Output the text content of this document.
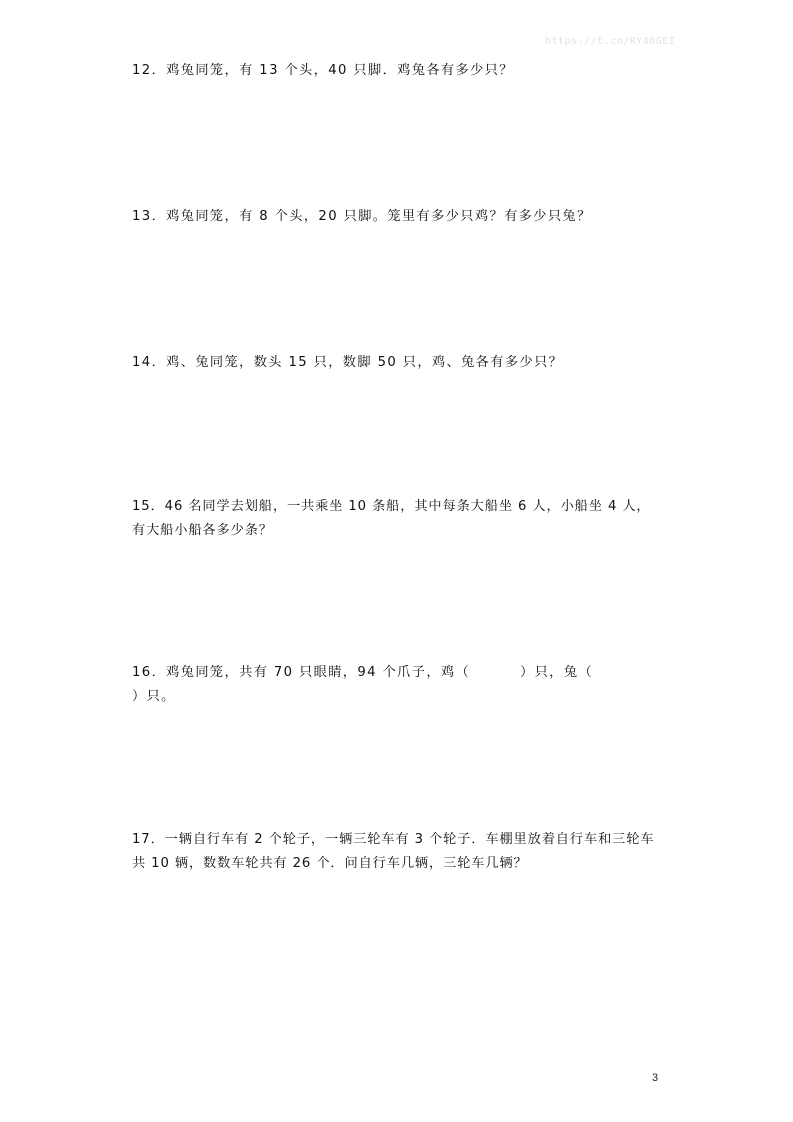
https://t.cn/RY46GEI
12．鸡兔同笼，有 13 个头，40 只脚．鸡兔各有多少只？
13．鸡兔同笼，有 8 个头，20 只脚。笼里有多少只鸡？有多少只兔？
14．鸡、兔同笼，数头 15 只，数脚 50 只，鸡、兔各有多少只？
15．46 名同学去划船，一共乘坐 10 条船，其中每条大船坐 6 人，小船坐 4 人，有大船小船各多少条？
16．鸡兔同笼，共有 70 只眼睛，94 个爪子，鸡（	）只，兔（）只。
17．一辆自行车有 2 个轮子，一辆三轮车有 3 个轮子．车棚里放着自行车和三轮车共 10 辆，数数车轮共有 26 个．问自行车几辆，三轮车几辆？
3
